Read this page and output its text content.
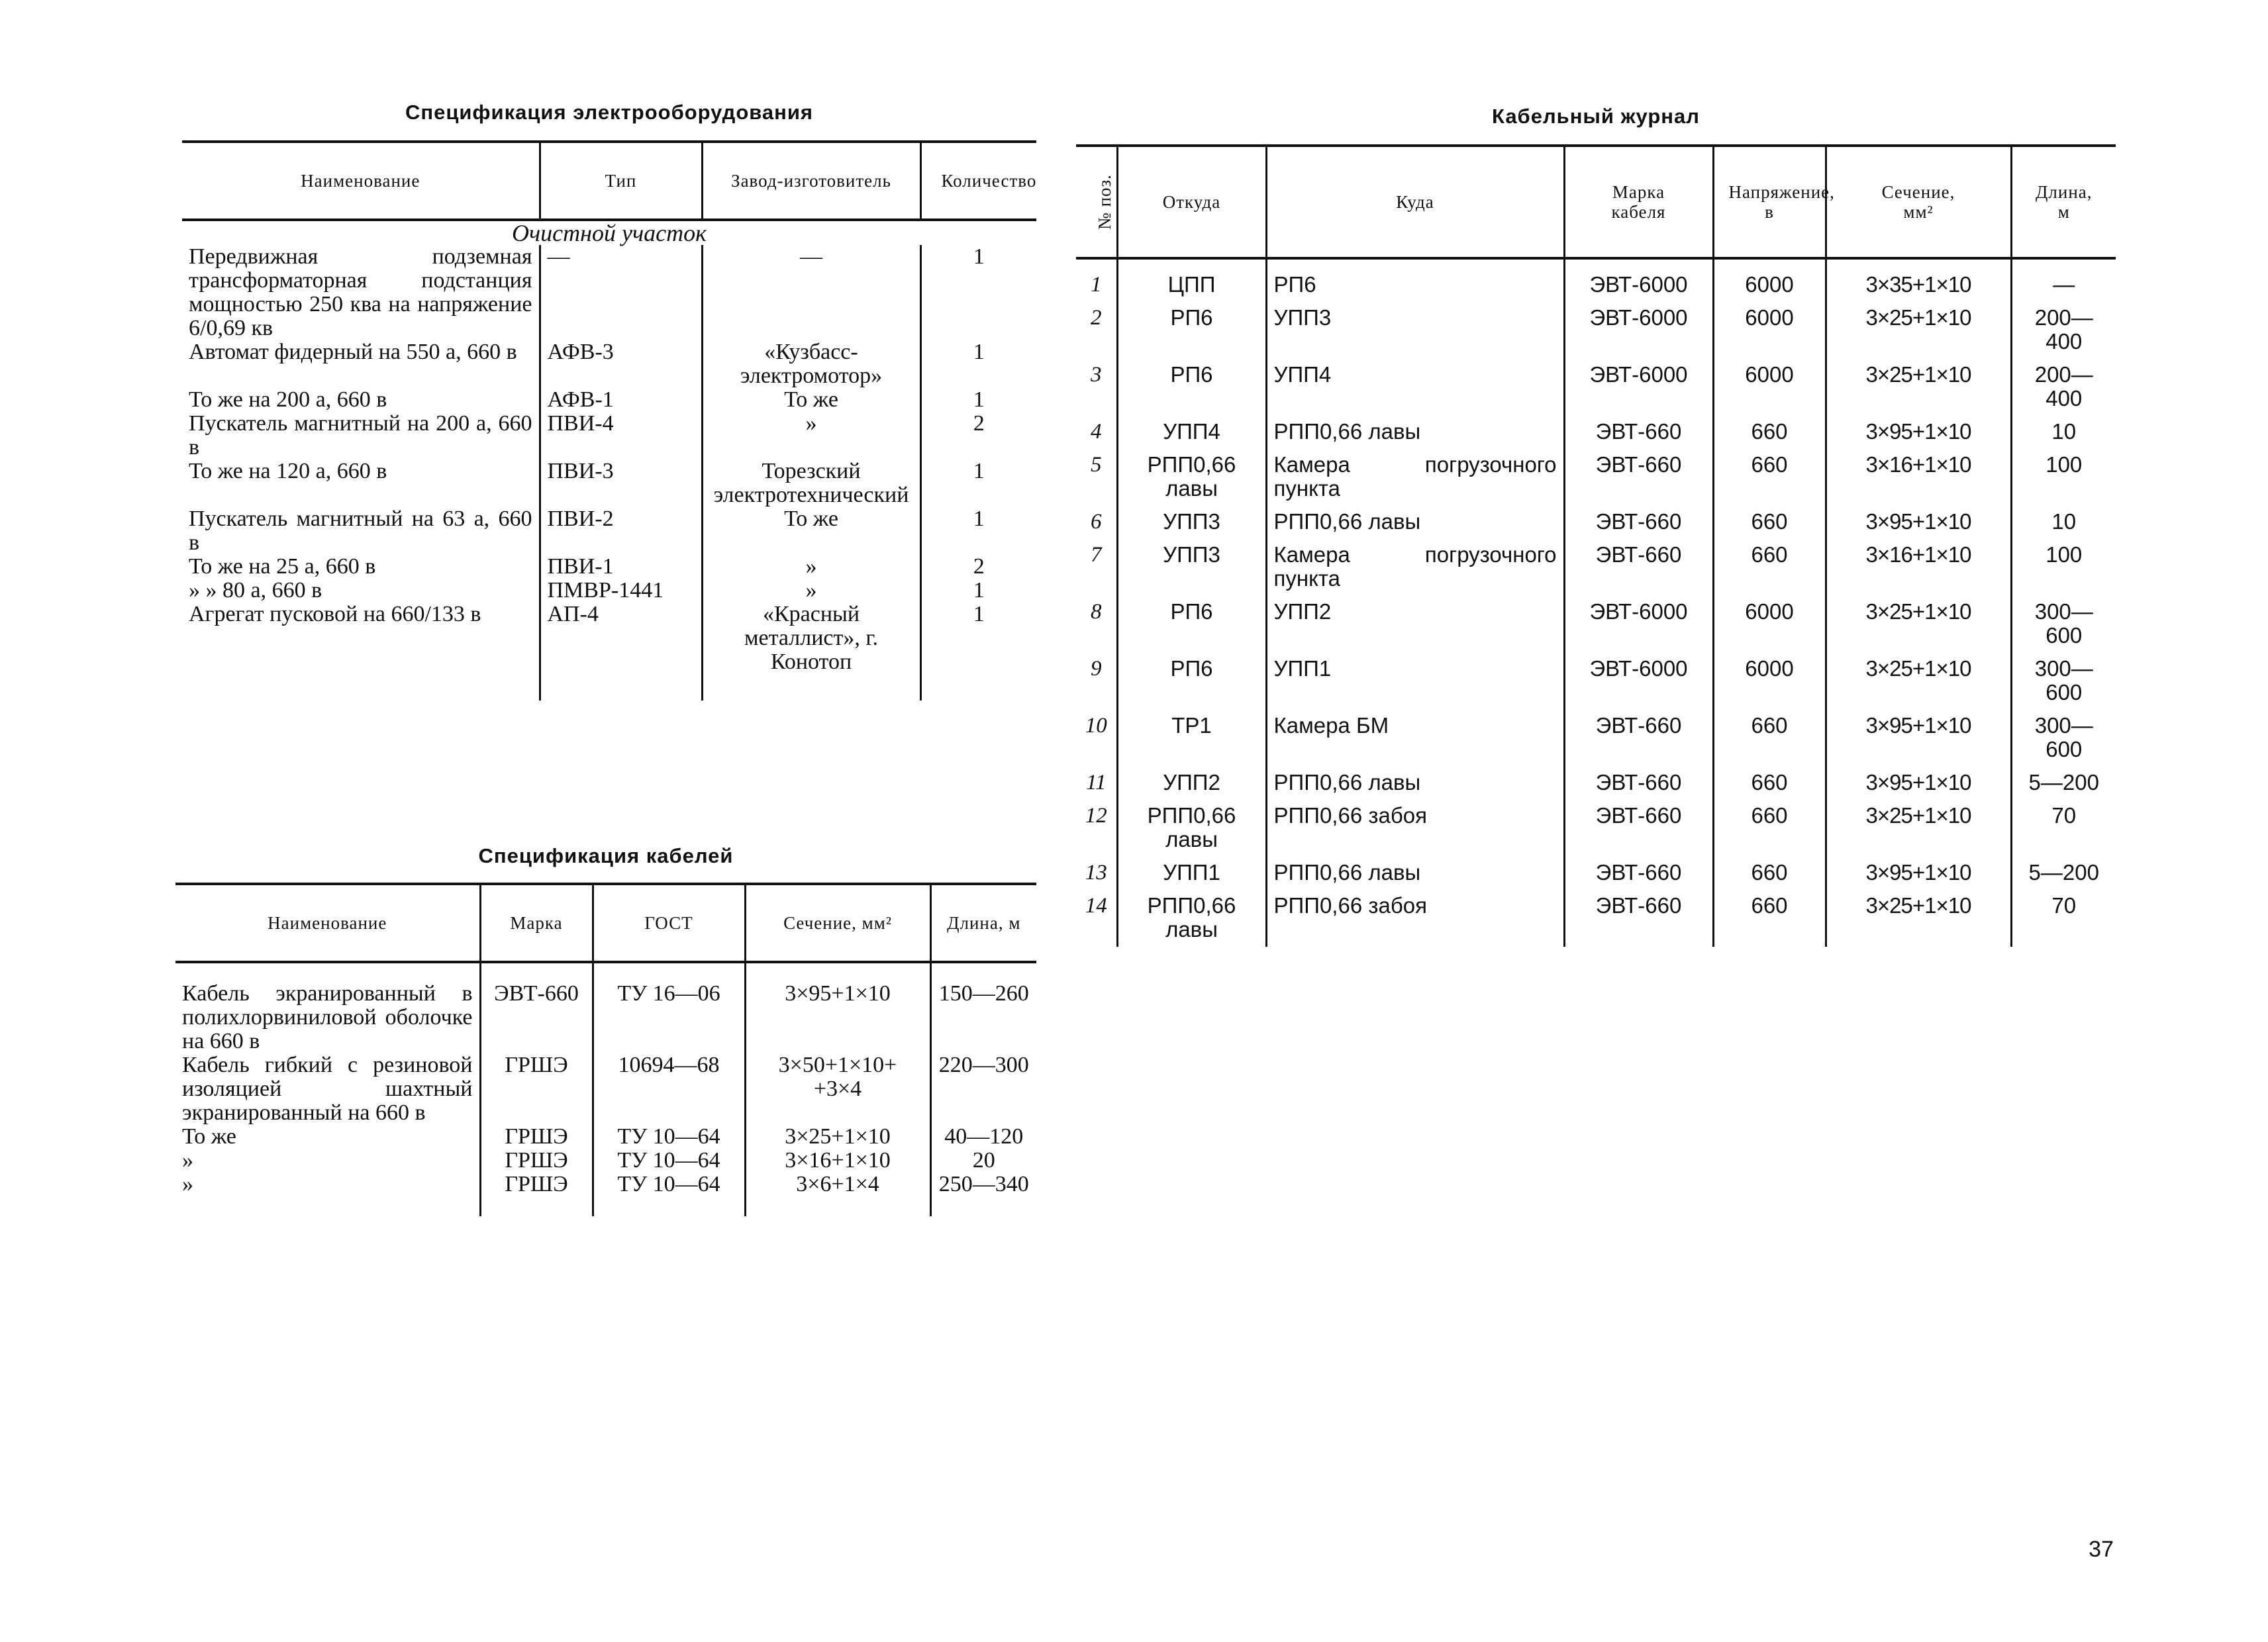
Спецификация электрооборудования
Наименование	Тип	Завод-изготовитель	Количество
Очистной участок			
Передвижная подземная трансформаторная подстанция мощностью 250 ква на напряжение 6/0,69 кв	—	—	1
Автомат фидерный на 550 а, 660 в	АФВ-3	«Кузбасс-электромотор»	1
То же на 200 а, 660 в	АФВ-1	То же	1
Пускатель магнитный на 200 а, 660 в	ПВИ-4	»	2
То же на 120 а, 660 в	ПВИ-3	Торезский электротехнический	1
Пускатель магнитный на 63 а, 660 в	ПВИ-2	То же	1
То же на 25 а, 660 в	ПВИ-1	»	2
» » 80 а, 660 в	ПМВР-1441	»	1
Агрегат пусковой на 660/133 в	АП-4	«Красный металлист», г. Конотоп	1

Спецификация кабелей
Наименование	Марка	ГОСТ	Сечение, мм²	Длина, м

Кабель экранированный в полихлорвиниловой оболочке на 660 в	ЭВТ-660	ТУ 16—06	3×95+1×10	150—260
Кабель гибкий с резиновой изоляцией шахтный экранированный на 660 в	ГРШЭ	10694—68	3×50+1×10+ +3×4	220—300
То же	ГРШЭ	ТУ 10—64	3×25+1×10	40—120
»	ГРШЭ	ТУ 10—64	3×16+1×10	20
»	ГРШЭ	ТУ 10—64	3×6+1×4	250—340

Кабельный журнал
№ поз.	Откуда	Куда	Марка кабеля	Напряжение, в	Сечение, мм²	Длина, м

1	ЦПП	РП6	ЭВТ-6000	6000	3×35+1×10	—
2	РП6	УПП3	ЭВТ-6000	6000	3×25+1×10	200—400
3	РП6	УПП4	ЭВТ-6000	6000	3×25+1×10	200—400
4	УПП4	РПП0,66 лавы	ЭВТ-660	660	3×95+1×10	10
5	РПП0,66 лавы	Камера погрузочного пункта	ЭВТ-660	660	3×16+1×10	100
6	УПП3	РПП0,66 лавы	ЭВТ-660	660	3×95+1×10	10
7	УПП3	Камера погрузочного пункта	ЭВТ-660	660	3×16+1×10	100
8	РП6	УПП2	ЭВТ-6000	6000	3×25+1×10	300—600
9	РП6	УПП1	ЭВТ-6000	6000	3×25+1×10	300—600
10	ТР1	Камера БМ	ЭВТ-660	660	3×95+1×10	300—600
11	УПП2	РПП0,66 лавы	ЭВТ-660	660	3×95+1×10	5—200
12	РПП0,66 лавы	РПП0,66 забоя	ЭВТ-660	660	3×25+1×10	70
13	УПП1	РПП0,66 лавы	ЭВТ-660	660	3×95+1×10	5—200
14	РПП0,66 лавы	РПП0,66 забоя	ЭВТ-660	660	3×25+1×10	70
37
